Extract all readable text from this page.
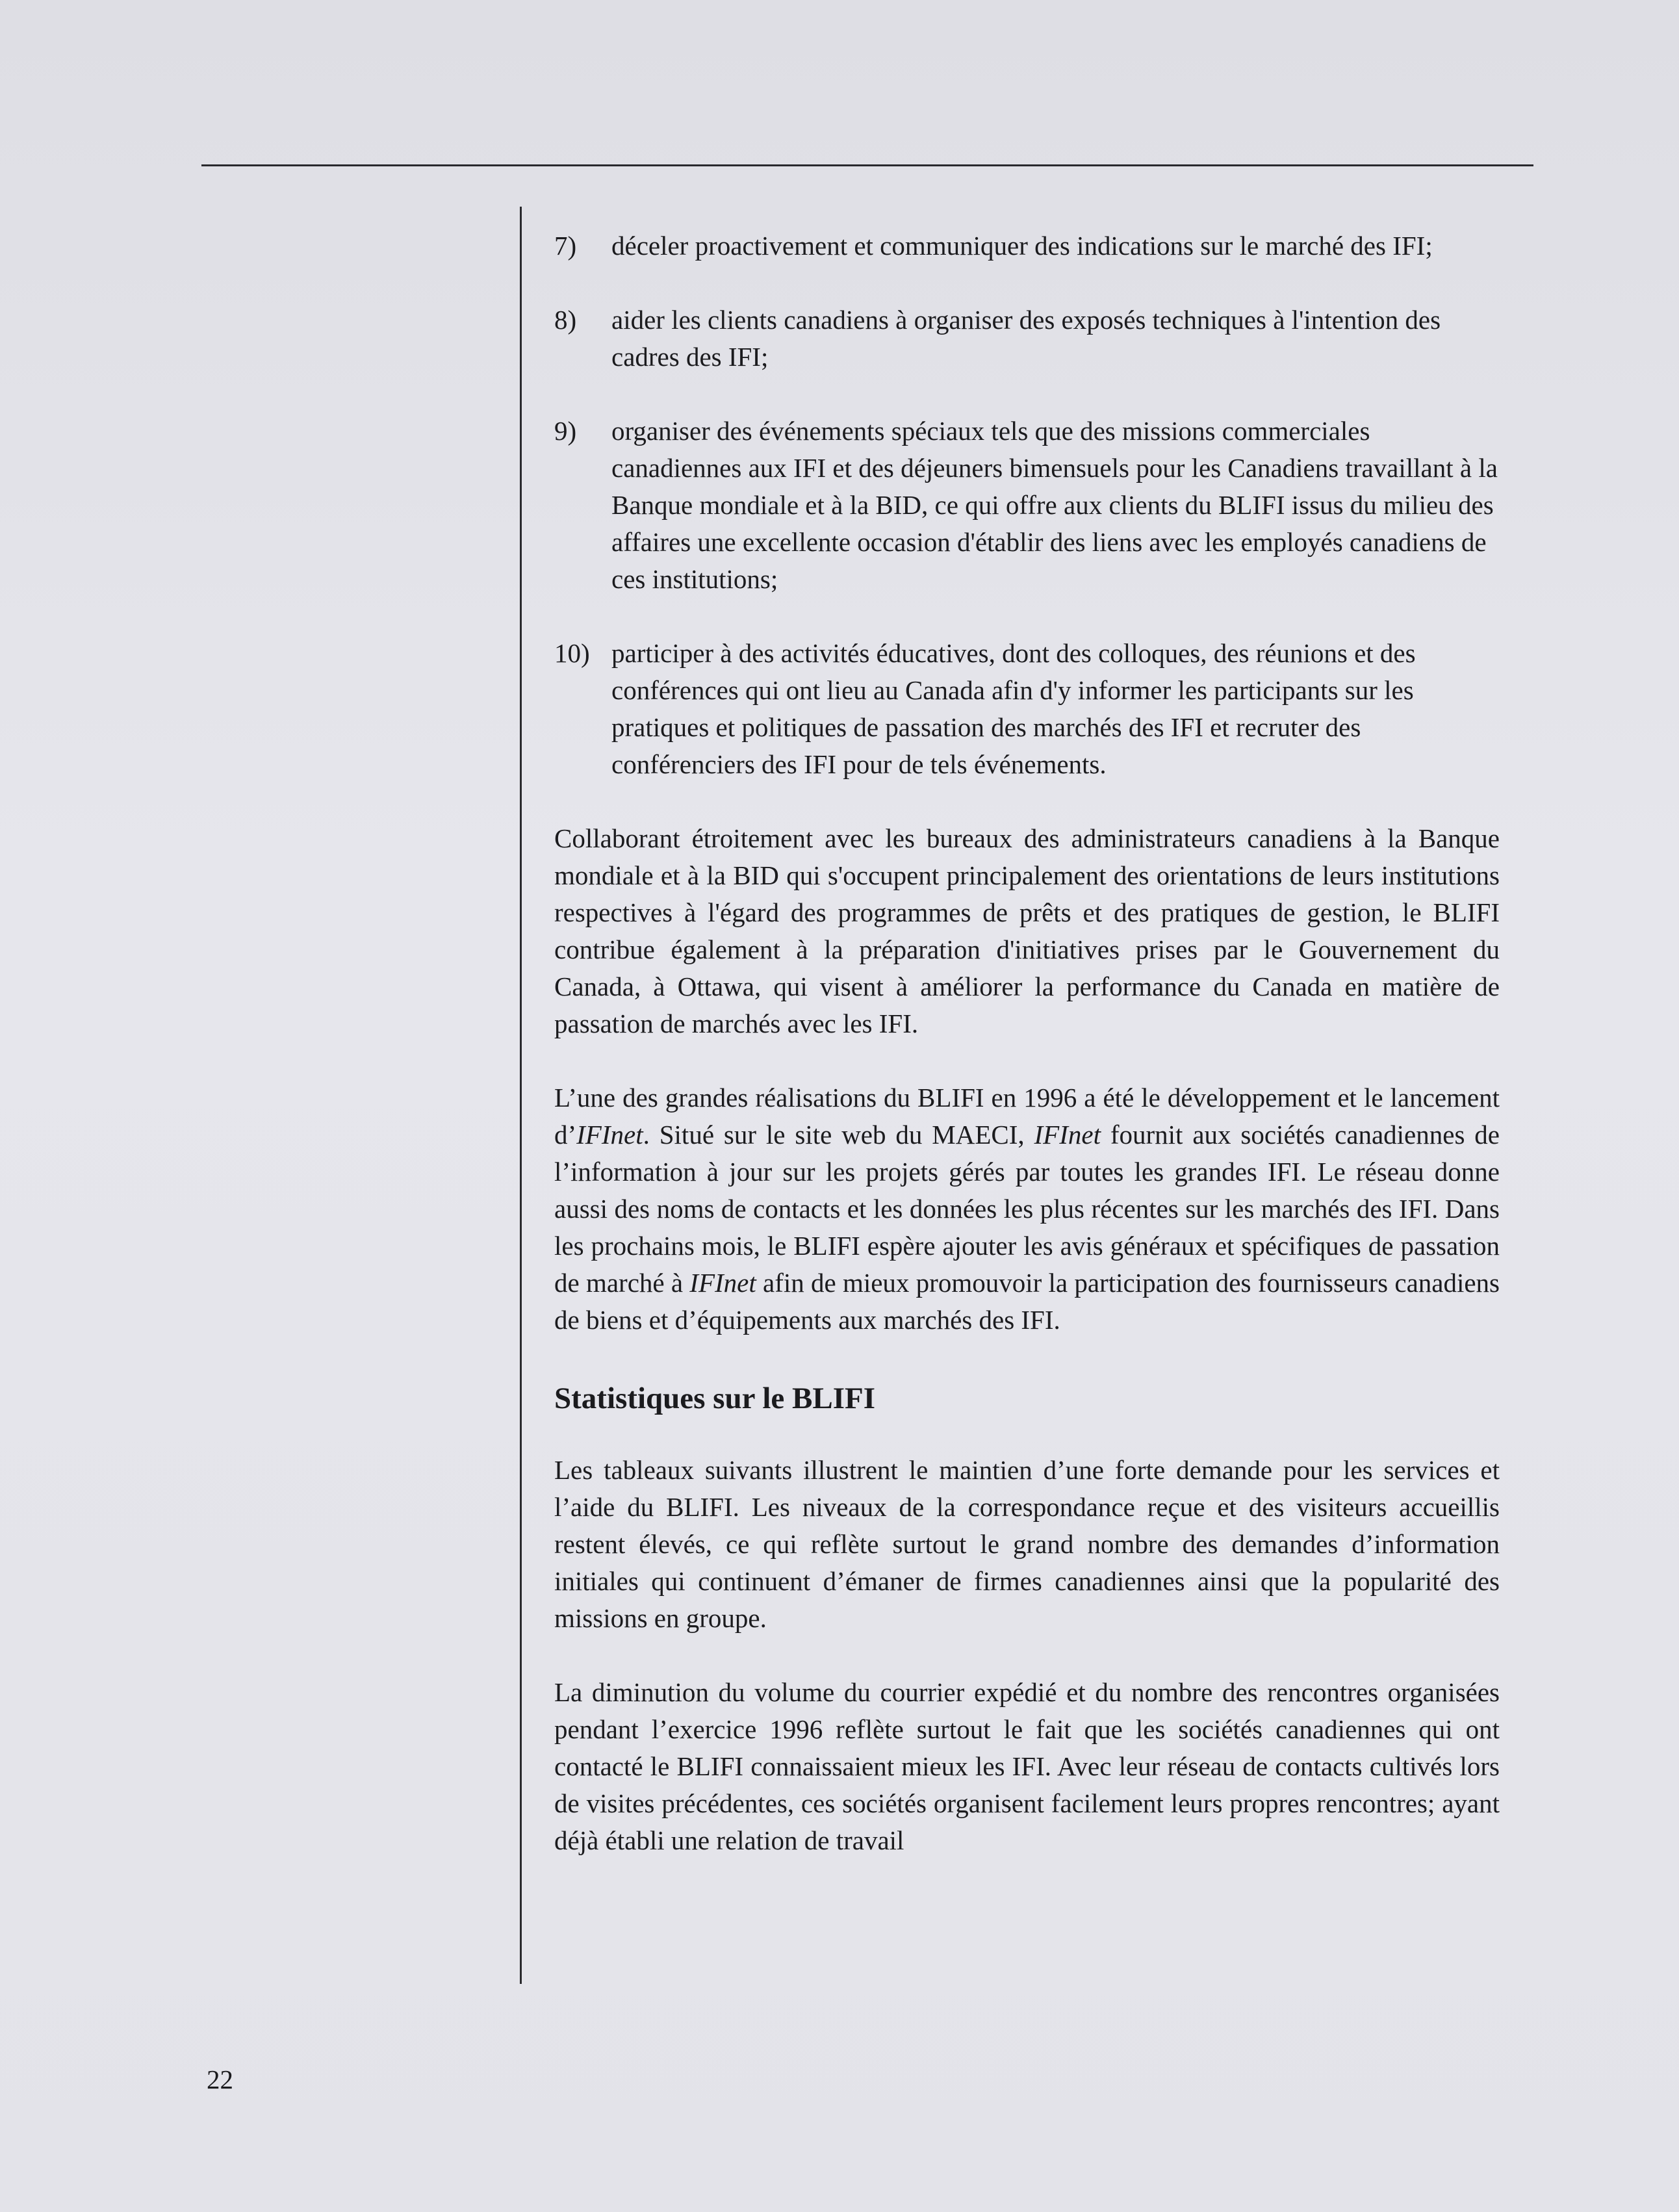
7)	déceler proactivement et communiquer des indications sur le marché des IFI;
8)	aider les clients canadiens à organiser des exposés techniques à l'intention des cadres des IFI;
9)	organiser des événements spéciaux tels que des missions commerciales canadiennes aux IFI et des déjeuners bimensuels pour les Canadiens travaillant à la Banque mondiale et à la BID, ce qui offre aux clients du BLIFI issus du milieu des affaires une excellente occasion d'établir des liens avec les employés canadiens de ces institutions;
10) participer à des activités éducatives, dont des colloques, des réunions et des conférences qui ont lieu au Canada afin d'y informer les participants sur les pratiques et politiques de passation des marchés des IFI et recruter des conférenciers des IFI pour de tels événements.

Collaborant étroitement avec les bureaux des administrateurs canadiens à la Banque mondiale et à la BID qui s'occupent principalement des orientations de leurs institutions respectives à l'égard des programmes de prêts et des pratiques de gestion, le BLIFI contribue également à la préparation d'initiatives prises par le Gouvernement du Canada, à Ottawa, qui visent à améliorer la performance du Canada en matière de passation de marchés avec les IFI.

L’une des grandes réalisations du BLIFI en 1996 a été le développement et le lancement d’IFInet. Situé sur le site web du MAECI, IFInet fournit aux sociétés canadiennes de l’information à jour sur les projets gérés par toutes les grandes IFI. Le réseau donne aussi des noms de contacts et les données les plus récentes sur les marchés des IFI. Dans les prochains mois, le BLIFI espère ajouter les avis généraux et spécifiques de passation de marché à IFInet afin de mieux promouvoir la participation des fournisseurs canadiens de biens et d’équipements aux marchés des IFI.

Statistiques sur le BLIFI

Les tableaux suivants illustrent le maintien d’une forte demande pour les services et l’aide du BLIFI. Les niveaux de la correspondance reçue et des visiteurs accueillis restent élevés, ce qui reflète surtout le grand nombre des demandes d’information initiales qui continuent d’émaner de firmes canadiennes ainsi que la popularité des missions en groupe.

La diminution du volume du courrier expédié et du nombre des rencontres organisées pendant l’exercice 1996 reflète surtout le fait que les sociétés canadiennes qui ont contacté le BLIFI connaissaient mieux les IFI. Avec leur réseau de contacts cultivés lors de visites précédentes, ces sociétés organisent facilement leurs propres rencontres; ayant déjà établi une relation de travail

22
